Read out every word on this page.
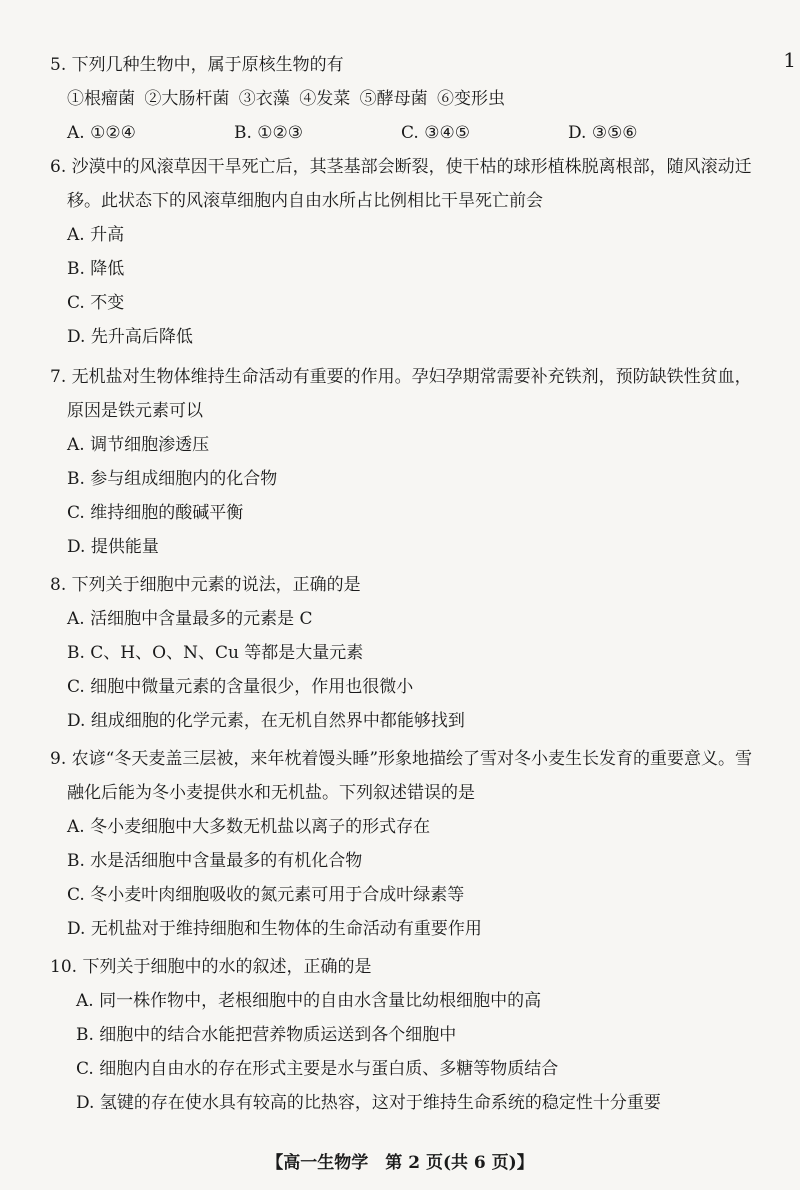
1

5. 下列几种生物中，属于原核生物的有

①根瘤菌 ②大肠杆菌 ③衣藻 ④发菜 ⑤酵母菌 ⑥变形虫

A. ①②④	B. ①②③	C. ③④⑤	D. ③⑤⑥

6. 沙漠中的风滚草因干旱死亡后，其茎基部会断裂，使干枯的球形植株脱离根部，随风滚动迁

移。此状态下的风滚草细胞内自由水所占比例相比干旱死亡前会

A. 升高

B. 降低

C. 不变

D. 先升高后降低

7. 无机盐对生物体维持生命活动有重要的作用。孕妇孕期常需要补充铁剂，预防缺铁性贫血，

原因是铁元素可以

A. 调节细胞渗透压

B. 参与组成细胞内的化合物

C. 维持细胞的酸碱平衡

D. 提供能量

8. 下列关于细胞中元素的说法，正确的是

A. 活细胞中含量最多的元素是 C

B. C、H、O、N、Cu 等都是大量元素

C. 细胞中微量元素的含量很少，作用也很微小

D. 组成细胞的化学元素，在无机自然界中都能够找到

9. 农谚“冬天麦盖三层被，来年枕着馒头睡”形象地描绘了雪对冬小麦生长发育的重要意义。雪

融化后能为冬小麦提供水和无机盐。下列叙述错误的是

A. 冬小麦细胞中大多数无机盐以离子的形式存在

B. 水是活细胞中含量最多的有机化合物

C. 冬小麦叶肉细胞吸收的氮元素可用于合成叶绿素等

D. 无机盐对于维持细胞和生物体的生命活动有重要作用

10. 下列关于细胞中的水的叙述，正确的是

A. 同一株作物中，老根细胞中的自由水含量比幼根细胞中的高

B. 细胞中的结合水能把营养物质运送到各个细胞中

C. 细胞内自由水的存在形式主要是水与蛋白质、多糖等物质结合

D. 氢键的存在使水具有较高的比热容，这对于维持生命系统的稳定性十分重要

【高一生物学　第 2 页(共 6 页)】
